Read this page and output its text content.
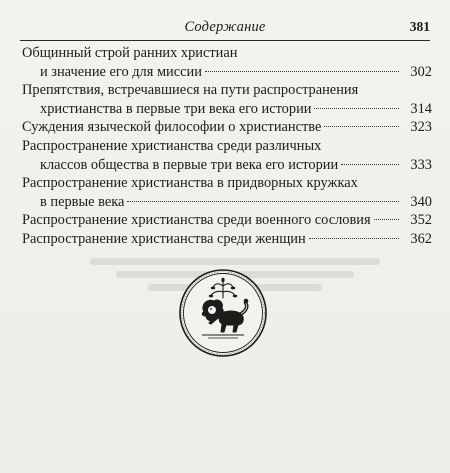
Содержание	381
Общинный строй ранних христиан
и значение его для миссии	302
Препятствия, встречавшиеся на пути распространения
христианства в первые три века его истории	314
Суждения языческой философии о христианстве	323
Распространение христианства среди различных
классов общества в первые три века его истории	333
Распространение христианства в придворных кружках
в первые века	340
Распространение христианства среди военного сословия	352
Распространение христианства среди женщин	362
